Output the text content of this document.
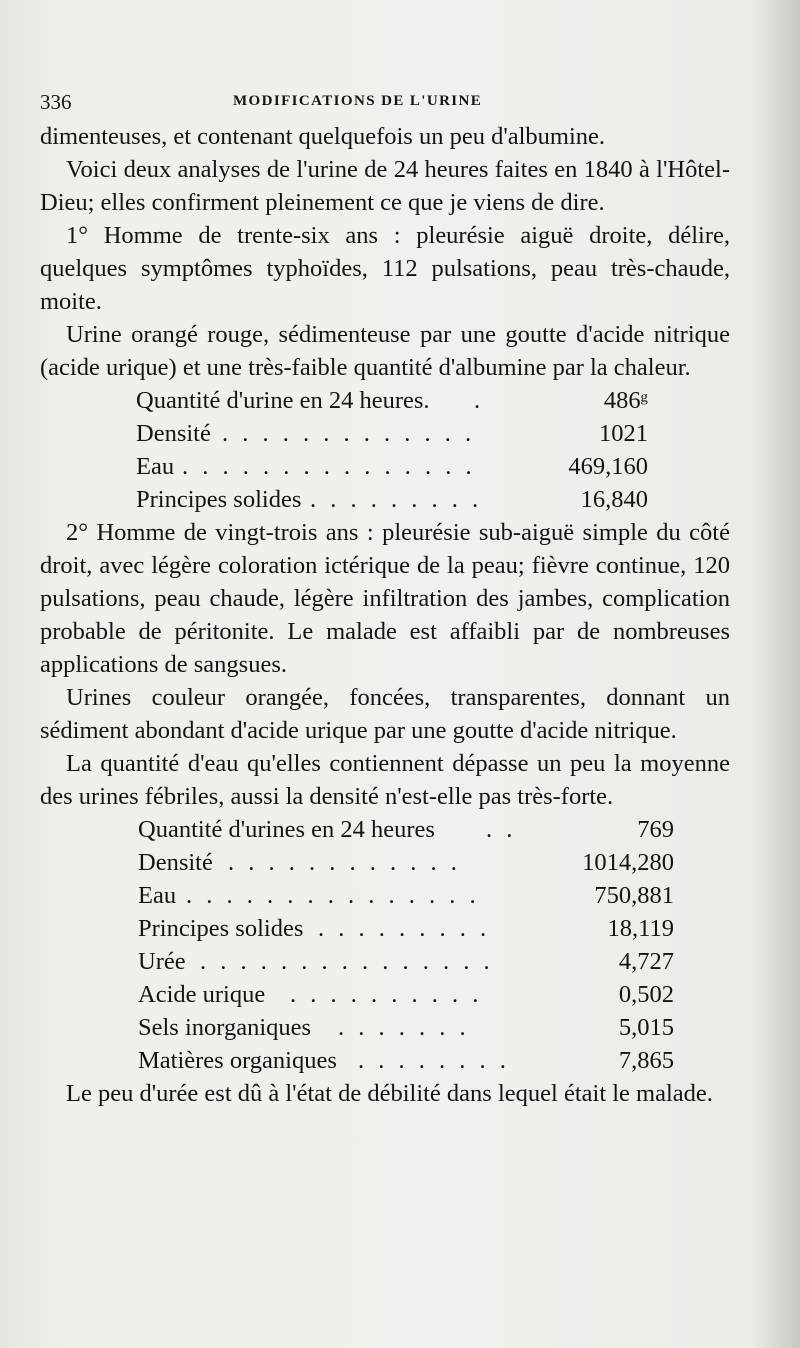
336	MODIFICATIONS DE L'URINE

dimenteuses, et contenant quelquefois un peu d'albumine.

Voici deux analyses de l'urine de 24 heures faites en 1840 à l'Hôtel-Dieu; elles confirment pleinement ce que je viens de dire.

1° Homme de trente-six ans : pleurésie aiguë droite, délire, quelques symptômes typhoïdes, 112 pulsations, peau très-chaude, moite.

Urine orangé rouge, sédimenteuse par une goutte d'acide nitrique (acide urique) et une très-faible quantité d'albumine par la chaleur.

Quantité d'urine en 24 heures. .	486ᵍ
Densité . . . . . . . . . . . . .	1021
Eau . . . . . . . . . . . . . . .	469,160
Principes solides . . . . . . . . .	16,840

2° Homme de vingt-trois ans : pleurésie sub-aiguë simple du côté droit, avec légère coloration ictérique de la peau; fièvre continue, 120 pulsations, peau chaude, légère infiltration des jambes, complication probable de péritonite. Le malade est affaibli par de nombreuses applications de sangsues.

Urines couleur orangée, foncées, transparentes, donnant un sédiment abondant d'acide urique par une goutte d'acide nitrique.

La quantité d'eau qu'elles contiennent dépasse un peu la moyenne des urines fébriles, aussi la densité n'est-elle pas très-forte.

Quantité d'urines en 24 heures . .	769
Densité . . . . . . . . . . . .	1014,280
Eau . . . . . . . . . . . . . . .	750,881
Principes solides . . . . . . . . .	18,119
Urée . . . . . . . . . . . . . . .	4,727
Acide urique . . . . . . . . . .	0,502
Sels inorganiques . . . . . . .	5,015
Matières organiques . . . . . . . .	7,865

Le peu d'urée est dû à l'état de débilité dans lequel était le malade.
